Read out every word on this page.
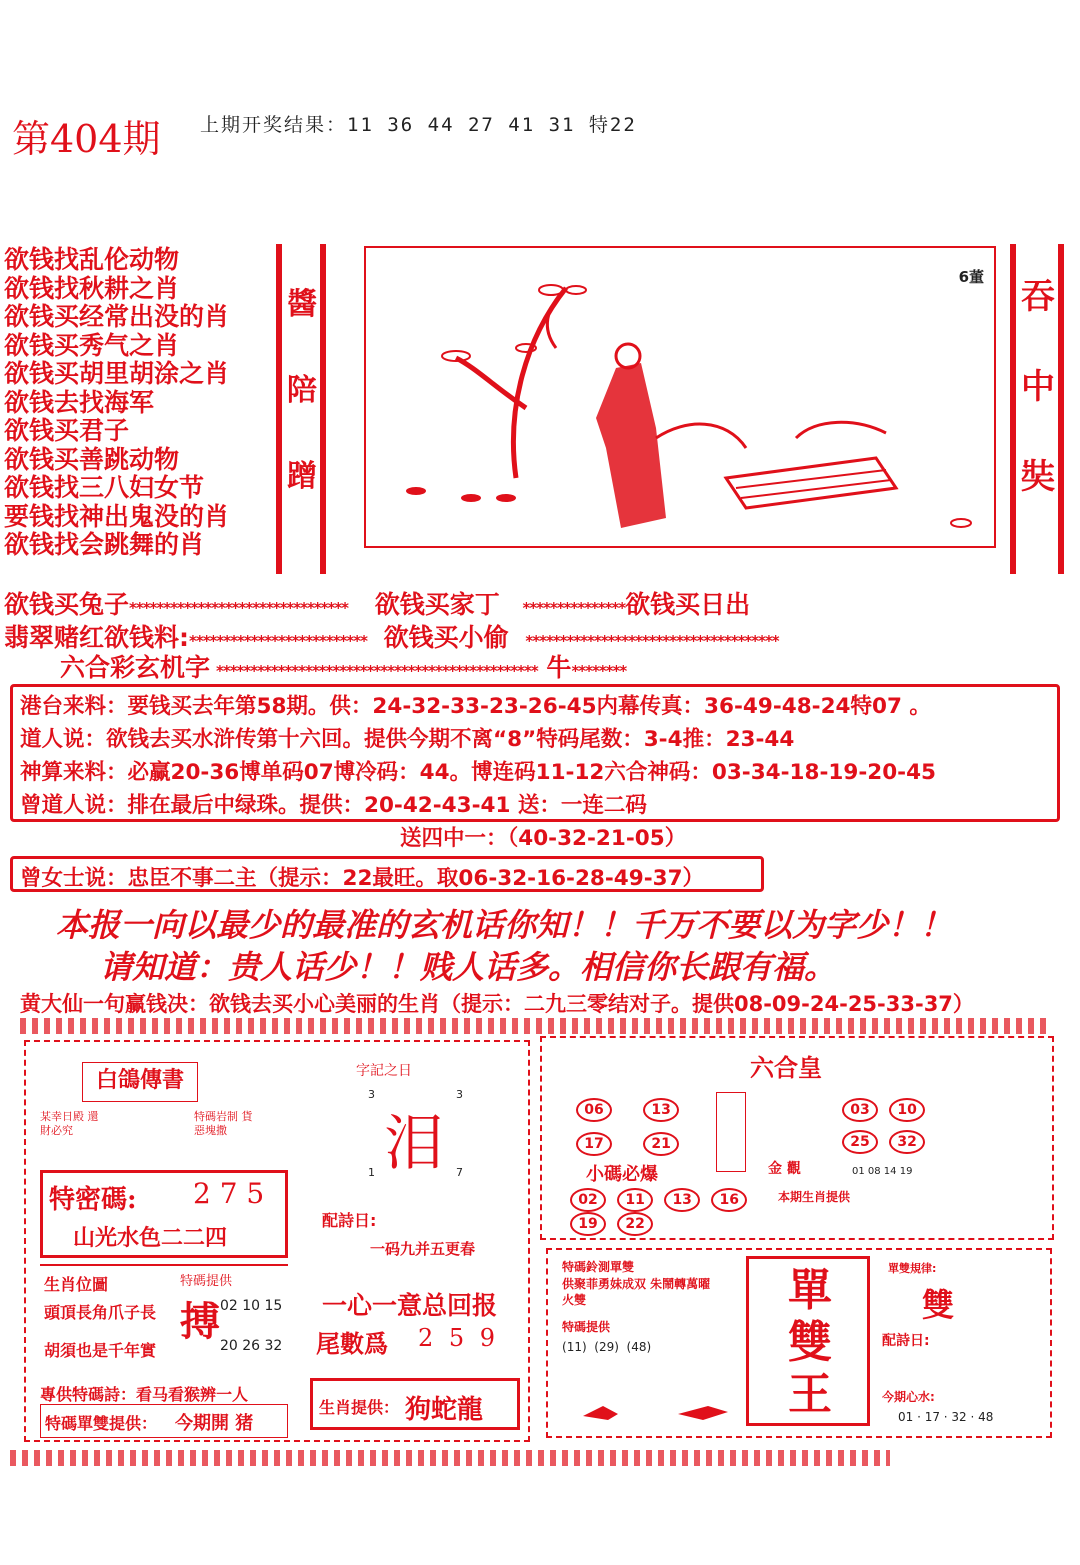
第404期 上期开奖结果：11 36 44 27 41 31 特22
欲钱找乱伦动物
欲钱找秋耕之肖
欲钱买经常出没的肖
欲钱买秀气之肖
欲钱买胡里胡涂之肖
欲钱去找海军
欲钱买君子
欲钱买善跳动物
欲钱找三八妇女节
要钱找神出鬼没的肖
欲钱找会跳舞的肖
醬
陪
蹭
6董 吞
中
奘
欲钱买兔子******************************** 欲钱买家丁 ***************欲钱买日出
翡翠赌红欲钱料:************************** 欲钱买小偷 *************************************
六合彩玄机字 *********************************************** 牛********
港台来料：要钱买去年第58期。供：24-32-33-23-26-45内幕传真：36-49-48-24特07 。
道人说：欲钱去买水浒传第十六回。提供今期不离“8”特码尾数：3-4推：23-44
神算来料：必赢20-36博单码07博冷码：44。博连码11-12六合神码：03-34-18-19-20-45
曾道人说：排在最后中绿珠。提供：20-42-43-41 送：一连二码
送四中一：（40-32-21-05）
曾女士说：忠臣不事二主（提示：22最旺。取06-32-16-28-49-37）
本报一向以最少的最准的玄机话你知！！千万不要以为字少！！
请知道：贵人话少！！贱人话多。相信你长跟有福。
黄大仙一句赢钱决：欲钱去买小心美丽的生肖（提示：二九三零结对子。提供08-09-24-25-33-37）
白鴿傳書
某幸日殿 還財必究
特碼岩制 貨惡塊撒
特密碼: 2 7 5
山光水色二二四
生肖位圖
頭頂長角爪子長
胡須也是千年實
特碼提供
搏 02 10 15
20 26 32
專供特碼詩：看马看猴辨一人
特碼單雙提供： 今期開 猪
字記之日
3	3
泪
1	7
配詩日:
一码九并五更春
一心一意总回报
尾數爲 2 5 9
生肖提供： 狗蛇龍
六合皇
06	13
17	21
03 10
25 32
小碼必爆	金 觀	01 08 14 19
02 11 13 16 19 22
本期生肖提供
特碼鈴測單雙
供聚菲勇妹成双 朱鬧轉萬曜火雙
特碼提供
(11)  (29)  (48)
單
雙
王
單雙規律:
雙
配詩日:
今期心水:
01 · 17 · 32 · 48
